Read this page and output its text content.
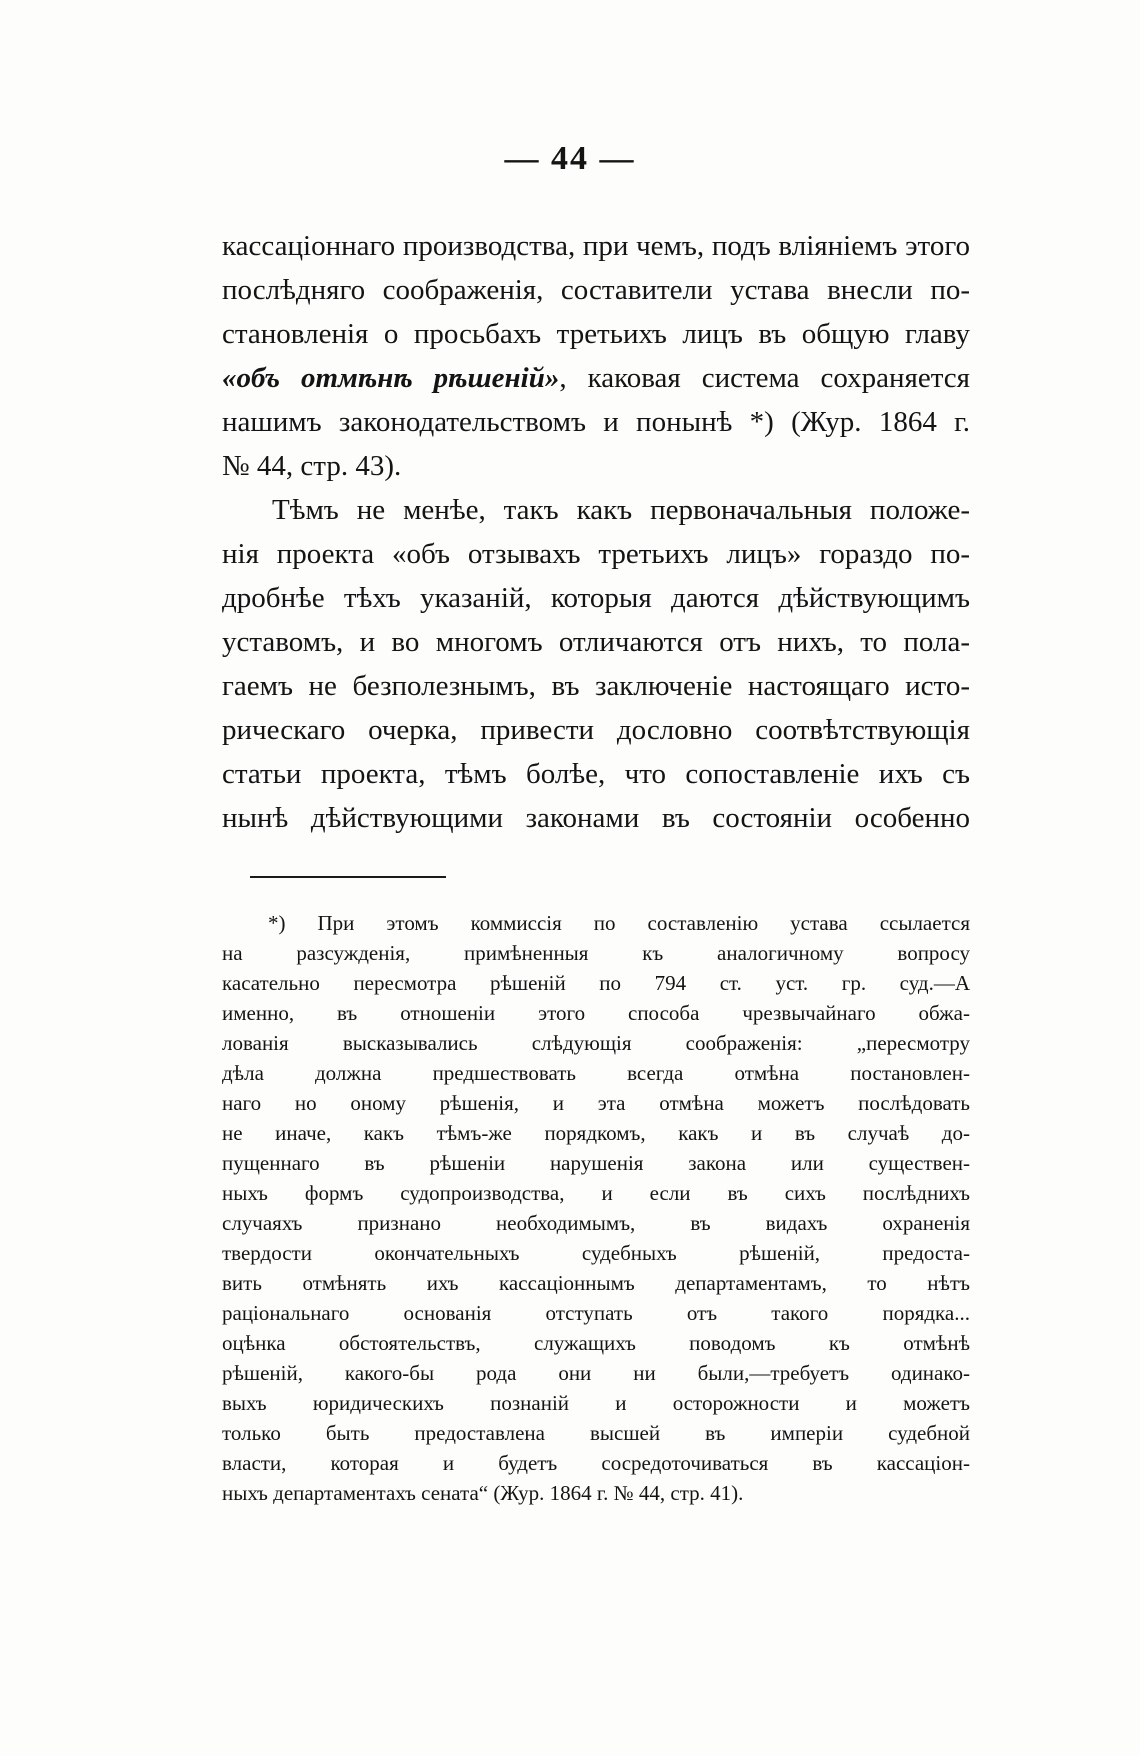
— 44 —
кассаціоннаго производства, при чемъ, подъ вліяніемъ этого
послѣдняго соображенія, составители устава внесли по-
становленія о просьбахъ третьихъ лицъ въ общую главу
«объ отмѣнѣ рѣшеній», каковая система сохраняется
нашимъ законодательствомъ и понынѣ *) (Жур. 1864 г.
№ 44, стр. 43).
Тѣмъ не менѣе, такъ какъ первоначальныя положе-
нія проекта «объ отзывахъ третьихъ лицъ» гораздо по-
дробнѣе тѣхъ указаній, которыя даются дѣйствующимъ
уставомъ, и во многомъ отличаются отъ нихъ, то пола-
гаемъ не безполезнымъ, въ заключеніе настоящаго исто-
рическаго очерка, привести дословно соотвѣтствующія
статьи проекта, тѣмъ болѣе, что сопоставленіе ихъ съ
нынѣ дѣйствующими законами въ состояніи особенно
*) При этомъ коммиссія по составленію устава ссылается
на разсужденія, примѣненныя къ аналогичному вопросу
касательно пересмотра рѣшеній по 794 ст. уст. гр. суд.—А
именно, въ отношеніи этого способа чрезвычайнаго обжа-
лованія высказывались слѣдующія соображенія: „пересмотру
дѣла должна предшествовать всегда отмѣна постановлен-
наго но оному рѣшенія, и эта отмѣна можетъ послѣдовать
не иначе, какъ тѣмъ-же порядкомъ, какъ и въ случаѣ до-
пущеннаго въ рѣшеніи нарушенія закона или существен-
ныхъ формъ судопроизводства, и если въ сихъ послѣднихъ
случаяхъ признано необходимымъ, въ видахъ охраненія
твердости окончательныхъ судебныхъ рѣшеній, предоста-
вить отмѣнять ихъ кассаціоннымъ департаментамъ, то нѣтъ
раціональнаго основанія отступать отъ такого порядка...
оцѣнка обстоятельствъ, служащихъ поводомъ къ отмѣнѣ
рѣшеній, какого-бы рода они ни были,—требуетъ одинако-
выхъ юридическихъ познаній и осторожности и можетъ
только быть предоставлена высшей въ имперіи судебной
власти, которая и будетъ сосредоточиваться въ кассаціон-
ныхъ департаментахъ сената“ (Жур. 1864 г. № 44, стр. 41).
